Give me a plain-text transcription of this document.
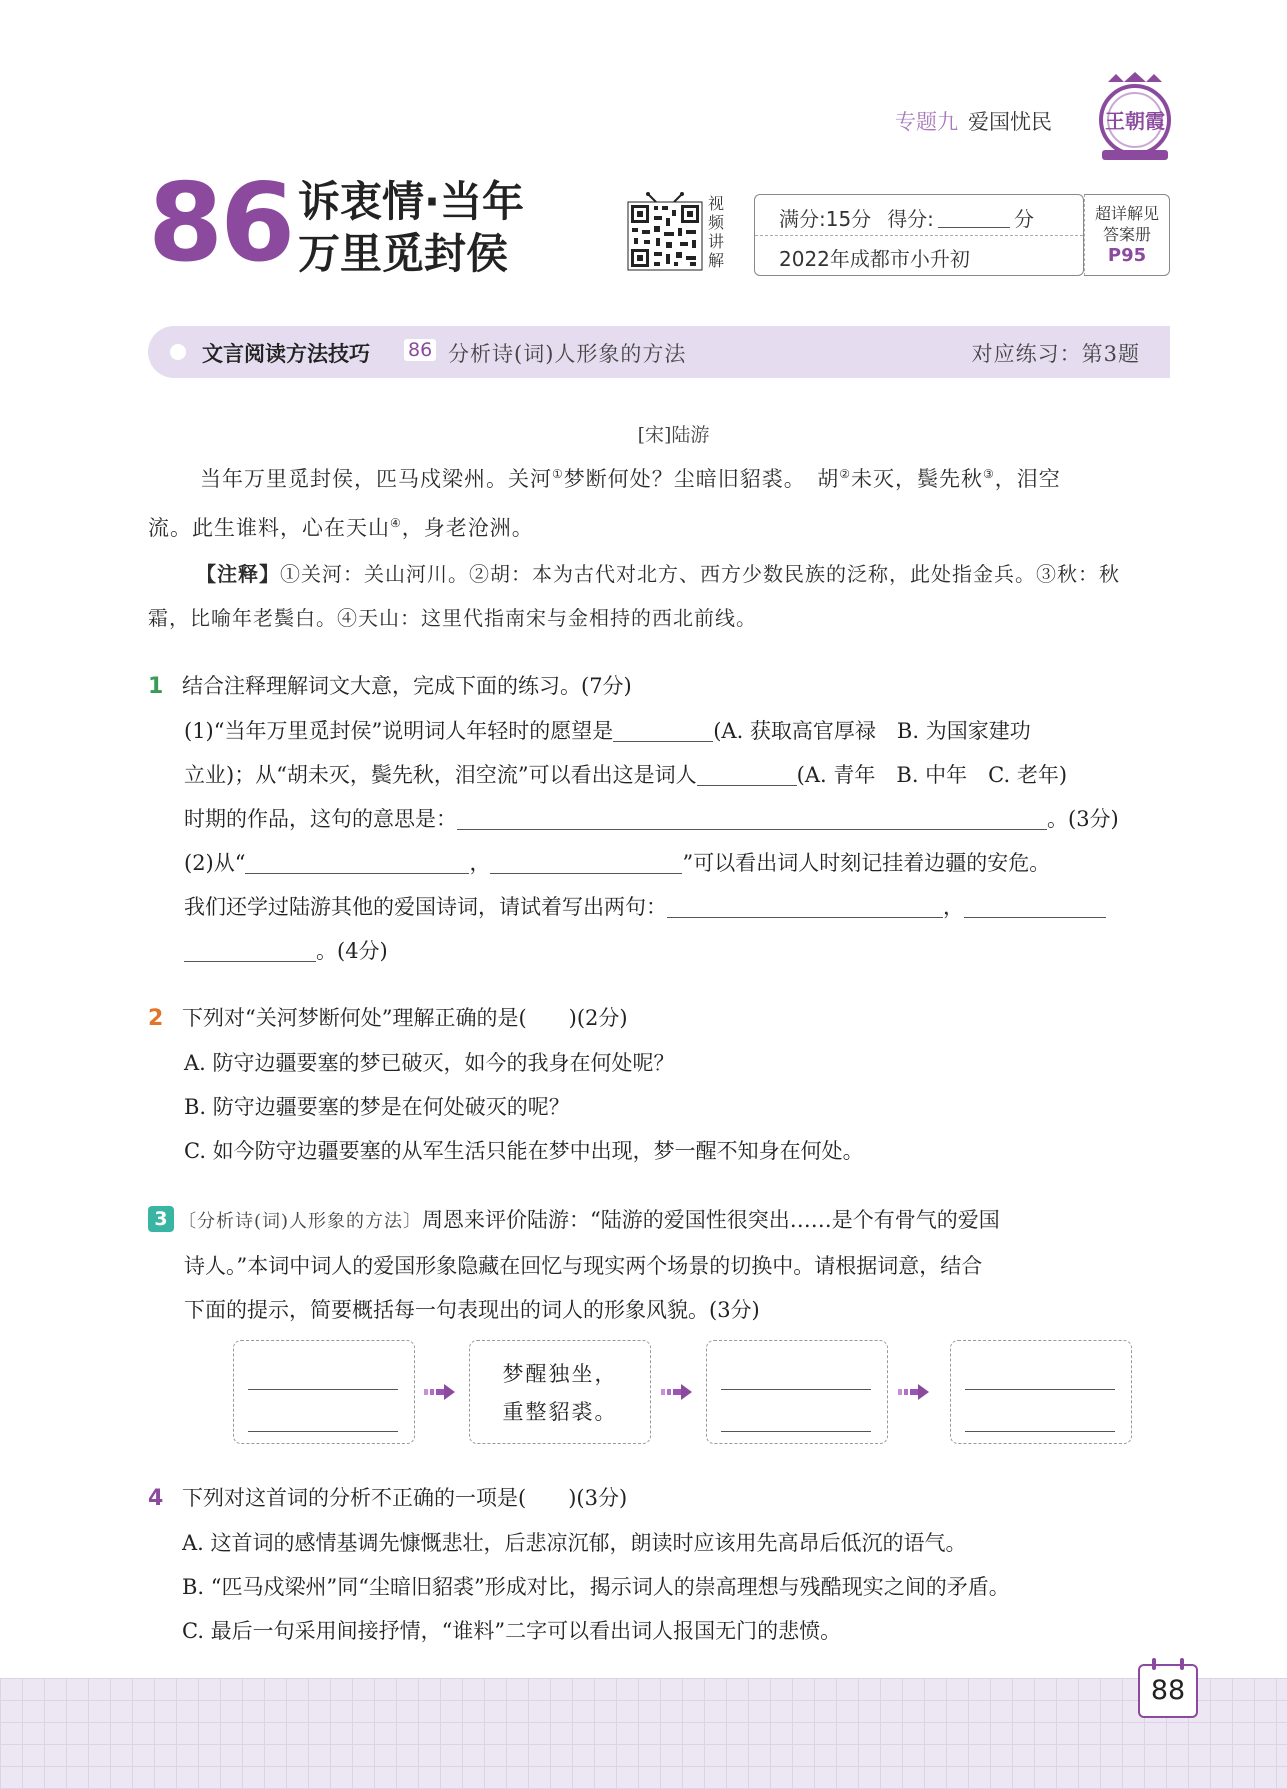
专题九 爱国忧民	王朝霞
86 诉衷情·当年
万里觅封侯
视频讲解
满分:15分 得分:	分
2022年成都市小升初
超详解见
答案册
P95
文言阅读方法技巧 86 分析诗(词)人形象的方法	对应练习：第3题
[宋]陆游
当年万里觅封侯，匹马戍梁州。关河①梦断何处？尘暗旧貂裘。　胡②未灭，鬓先秋③，泪空
流。此生谁料，心在天山④，身老沧洲。
【注释】①关河：关山河川。②胡：本为古代对北方、西方少数民族的泛称，此处指金兵。③秋：秋
霜，比喻年老鬓白。④天山：这里代指南宋与金相持的西北前线。
1 结合注释理解词文大意，完成下面的练习。(7分)
(1)“当年万里觅封侯”说明词人年轻时的愿望是	(A. 获取高官厚禄　B. 为国家建功
立业)；从“胡未灭，鬓先秋，泪空流”可以看出这是词人	(A. 青年　B. 中年　C. 老年)
时期的作品，这句的意思是：	。(3分)
(2)从“	，	”可以看出词人时刻记挂着边疆的安危。
我们还学过陆游其他的爱国诗词，请试着写出两句：	，
。(4分)
2 下列对“关河梦断何处”理解正确的是(　　)(2分)
A. 防守边疆要塞的梦已破灭，如今的我身在何处呢？
B. 防守边疆要塞的梦是在何处破灭的呢？
C. 如今防守边疆要塞的从军生活只能在梦中出现，梦一醒不知身在何处。
3 〔分析诗(词)人形象的方法〕周恩来评价陆游：“陆游的爱国性很突出……是个有骨气的爱国
诗人。”本词中词人的爱国形象隐藏在回忆与现实两个场景的切换中。请根据词意，结合
下面的提示，简要概括每一句表现出的词人的形象风貌。(3分)
梦醒独坐，
重整貂裘。
4 下列对这首词的分析不正确的一项是(　　)(3分)
A. 这首词的感情基调先慷慨悲壮，后悲凉沉郁，朗读时应该用先高昂后低沉的语气。
B. “匹马戍梁州”同“尘暗旧貂裘”形成对比，揭示词人的崇高理想与残酷现实之间的矛盾。
C. 最后一句采用间接抒情，“谁料”二字可以看出词人报国无门的悲愤。
88
